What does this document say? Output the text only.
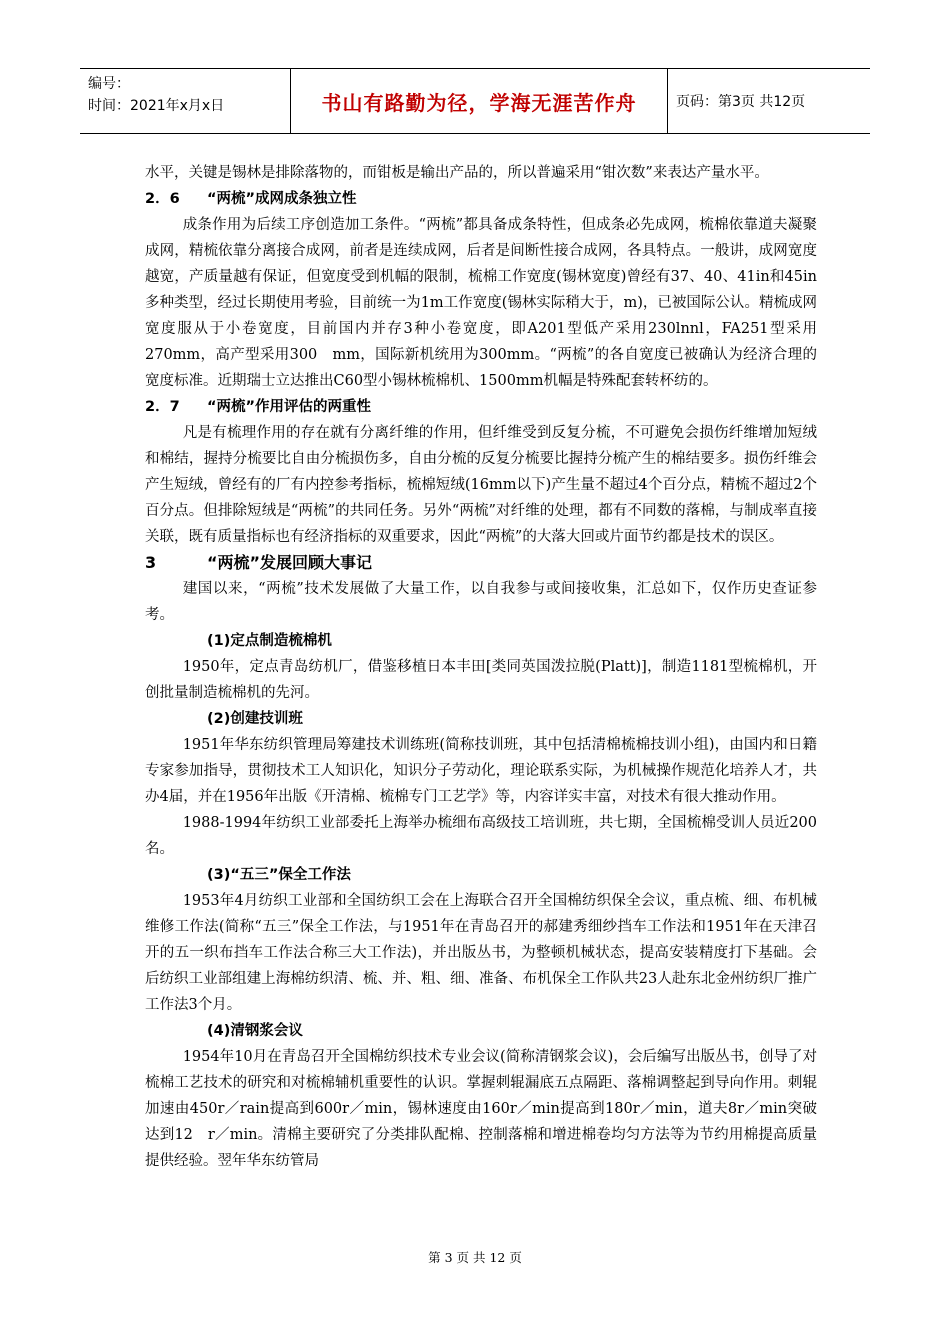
编号：
时间：2021年x月x日	书山有路勤为径，学海无涯苦作舟	页码：第3页 共12页

水平，关键是锡林是排除落物的，而钳板是输出产品的，所以普遍采用“钳次数”来表达产量水平。

2．6 “两梳”成网成条独立性

成条作用为后续工序创造加工条件。“两梳”都具备成条特性，但成条必先成网，梳棉依靠道夫凝聚成网，精梳依靠分离接合成网，前者是连续成网，后者是间断性接合成网，各具特点。一般讲，成网宽度越宽，产质量越有保证，但宽度受到机幅的限制，梳棉工作宽度(锡林宽度)曾经有37、40、41in和45in多种类型，经过长期使用考验，目前统一为1m工作宽度(锡林实际稍大于，m)，已被国际公认。精梳成网宽度服从于小卷宽度，目前国内并存3种小卷宽度，即A201型低产采用230lnnl，FA251型采用270mm，高产型采用300　mm，国际新机统用为300mm。“两梳”的各自宽度已被确认为经济合理的宽度标准。近期瑞士立达推出C60型小锡林梳棉机、1500mm机幅是特殊配套转杯纺的。

2．7 “两梳”作用评估的两重性

凡是有梳理作用的存在就有分离纤维的作用，但纤维受到反复分梳，不可避免会损伤纤维增加短绒和棉结，握持分梳要比自由分梳损伤多，自由分梳的反复分梳要比握持分梳产生的棉结要多。损伤纤维会产生短绒，曾经有的厂有内控参考指标，梳棉短绒(16mm以下)产生量不超过4个百分点，精梳不超过2个百分点。但排除短绒是“两梳”的共同任务。另外“两梳”对纤维的处理，都有不同数的落棉，与制成率直接关联，既有质量指标也有经济指标的双重要求，因此“两梳”的大落大回或片面节约都是技术的误区。

3	“两梳”发展回顾大事记

建国以来，“两梳”技术发展做了大量工作，以自我参与或间接收集，汇总如下，仅作历史查证参考。

(1)定点制造梳棉机

1950年，定点青岛纺机厂，借鉴移植日本丰田[类同英国泼拉脱(Platt)]，制造1181型梳棉机，开创批量制造梳棉机的先河。

(2)创建技训班

1951年华东纺织管理局筹建技术训练班(简称技训班，其中包括清棉梳棉技训小组)，由国内和日籍专家参加指导，贯彻技术工人知识化，知识分子劳动化，理论联系实际，为机械操作规范化培养人才，共办4届，并在1956年出版《开清棉、梳棉专门工艺学》等，内容详实丰富，对技术有很大推动作用。

1988-1994年纺织工业部委托上海举办梳细布高级技工培训班，共七期，全国梳棉受训人员近200名。

(3)“五三”保全工作法

1953年4月纺织工业部和全国纺织工会在上海联合召开全国棉纺织保全会议，重点梳、细、布机械维修工作法(简称“五三”保全工作法，与1951年在青岛召开的郝建秀细纱挡车工作法和1951年在天津召开的五一织布挡车工作法合称三大工作法)，并出版丛书，为整顿机械状态，提高安装精度打下基础。会后纺织工业部组建上海棉纺织清、梳、并、粗、细、准备、布机保全工作队共23人赴东北金州纺织厂推广工作法3个月。

(4)清钢浆会议

1954年10月在青岛召开全国棉纺织技术专业会议(简称清钢浆会议)，会后编写出版丛书，创导了对梳棉工艺技术的研究和对梳棉辅机重要性的认识。掌握刺辊漏底五点隔距、落棉调整起到导向作用。刺辊加速由450r／rain提高到600r／min，锡林速度由160r／min提高到180r／min，道夫8r／min突破达到12　r／min。清棉主要研究了分类排队配棉、控制落棉和增进棉卷均匀方法等为节约用棉提高质量提供经验。翌年华东纺管局

第 3 页 共 12 页
